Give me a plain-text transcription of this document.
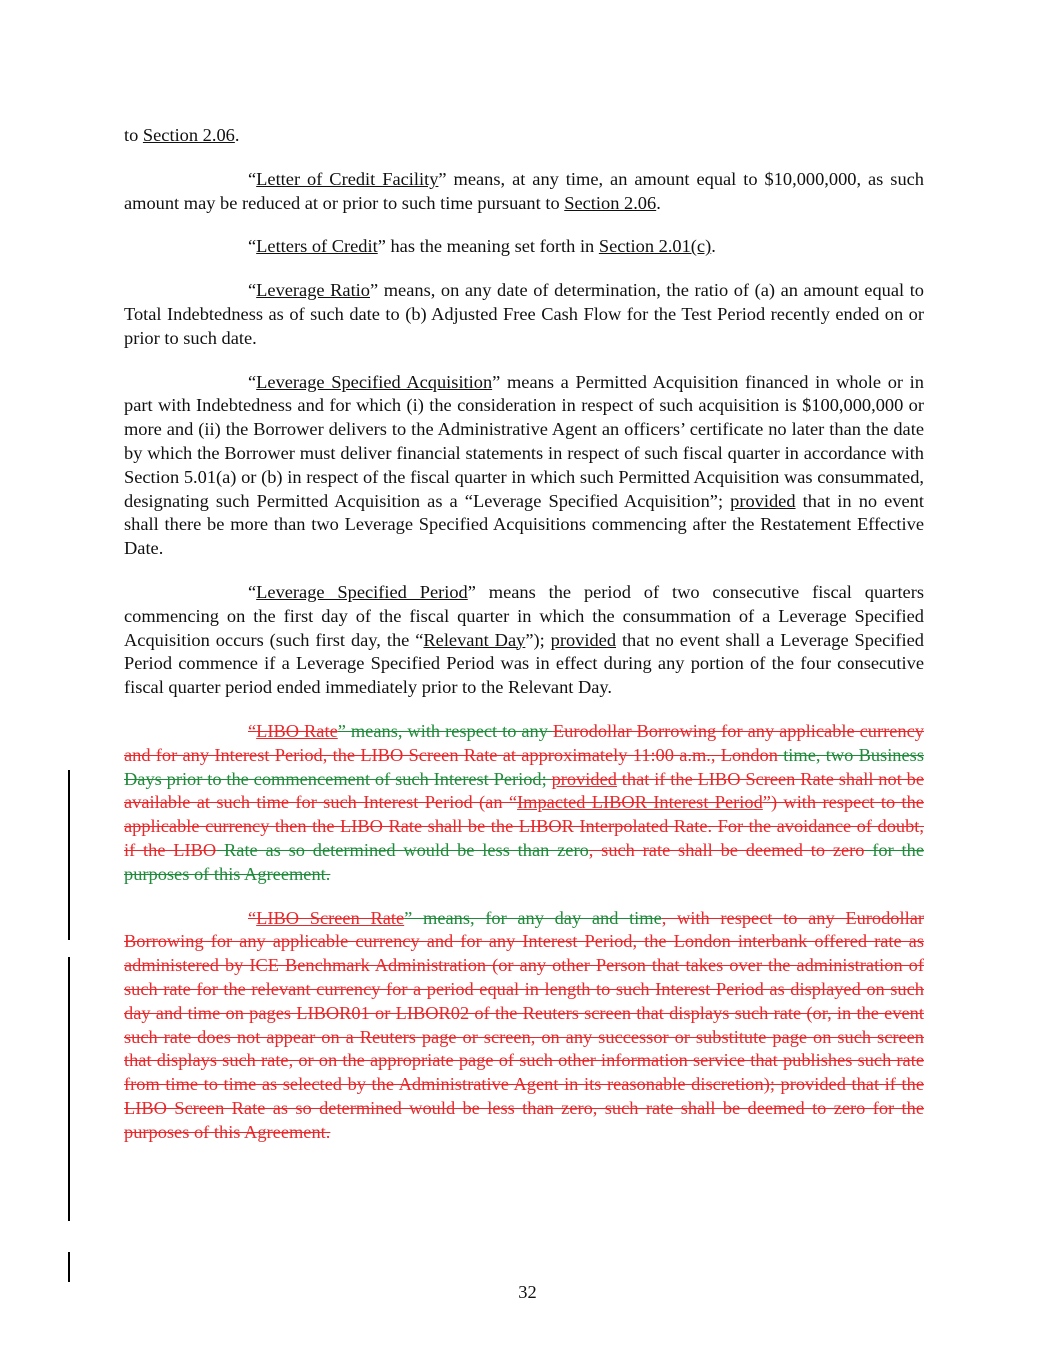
to Section 2.06.

“Letter of Credit Facility” means, at any time, an amount equal to $10,000,000, as such amount may be reduced at or prior to such time pursuant to Section 2.06.

“Letters of Credit” has the meaning set forth in Section 2.01(c).

“Leverage Ratio” means, on any date of determination, the ratio of (a) an amount equal to Total Indebtedness as of such date to (b) Adjusted Free Cash Flow for the Test Period recently ended on or prior to such date.

“Leverage Specified Acquisition” means a Permitted Acquisition financed in whole or in part with Indebtedness and for which (i) the consideration in respect of such acquisition is $100,000,000 or more and (ii) the Borrower delivers to the Administrative Agent an officers’ certificate no later than the date by which the Borrower must deliver financial statements in respect of such fiscal quarter in accordance with Section 5.01(a) or (b) in respect of the fiscal quarter in which such Permitted Acquisition was consummated, designating such Permitted Acquisition as a “Leverage Specified Acquisition”; provided that in no event shall there be more than two Leverage Specified Acquisitions commencing after the Restatement Effective Date.

“Leverage Specified Period” means the period of two consecutive fiscal quarters commencing on the first day of the fiscal quarter in which the consummation of a Leverage Specified Acquisition occurs (such first day, the “Relevant Day”); provided that no event shall a Leverage Specified Period commence if a Leverage Specified Period was in effect during any portion of the four consecutive fiscal quarter period ended immediately prior to the Relevant Day.

“LIBO Rate” means, with respect to any Eurodollar Borrowing for any applicable currency and for any Interest Period, the LIBO Screen Rate at approximately 11:00 a.m., London time, two Business Days prior to the commencement of such Interest Period; provided that if the LIBO Screen Rate shall not be available at such time for such Interest Period (an “Impacted LIBOR Interest Period”) with respect to the applicable currency then the LIBO Rate shall be the LIBOR Interpolated Rate. For the avoidance of doubt, if the LIBO Rate as so determined would be less than zero, such rate shall be deemed to zero for the purposes of this Agreement.

“LIBO Screen Rate” means, for any day and time, with respect to any Eurodollar Borrowing for any applicable currency and for any Interest Period, the London interbank offered rate as administered by ICE Benchmark Administration (or any other Person that takes over the administration of such rate for the relevant currency for a period equal in length to such Interest Period as displayed on such day and time on pages LIBOR01 or LIBOR02 of the Reuters screen that displays such rate (or, in the event such rate does not appear on a Reuters page or screen, on any successor or substitute page on such screen that displays such rate, or on the appropriate page of such other information service that publishes such rate from time to time as selected by the Administrative Agent in its reasonable discretion); provided that if the LIBO Screen Rate as so determined would be less than zero, such rate shall be deemed to zero for the purposes of this Agreement.

32
